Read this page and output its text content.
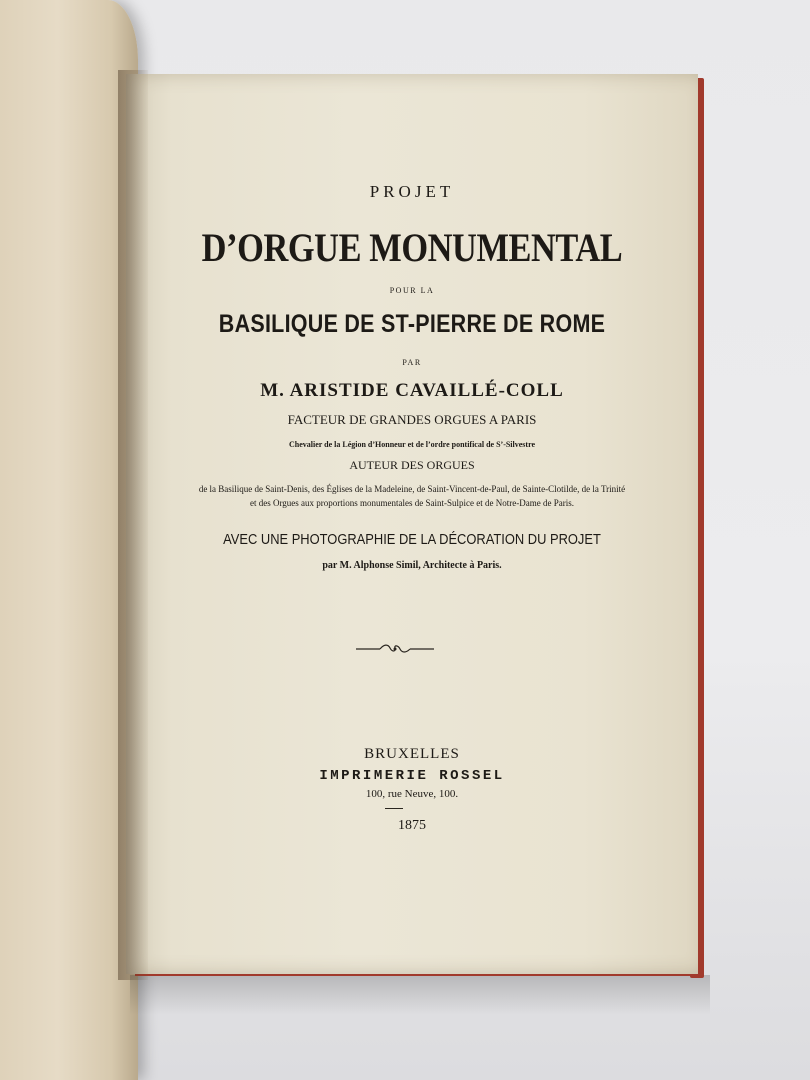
PROJET
D’ORGUE MONUMENTAL
POUR LA
BASILIQUE DE ST-PIERRE DE ROME
PAR
M. ARISTIDE CAVAILLÉ-COLL
FACTEUR DE GRANDES ORGUES A PARIS
Chevalier de la Légion d’Honneur et de l’ordre pontifical de S’-Silvestre
AUTEUR DES ORGUES
de la Basilique de Saint-Denis, des Églises de la Madeleine, de Saint-Vincent-de-Paul, de Sainte-Clotilde, de la Trinité
et des Orgues aux proportions monumentales de Saint-Sulpice et de Notre-Dame de Paris.
AVEC UNE PHOTOGRAPHIE DE LA DÉCORATION DU PROJET
par M. Alphonse Simil, Architecte à Paris.
BRUXELLES
IMPRIMERIE ROSSEL
100, rue Neuve, 100.
1875
